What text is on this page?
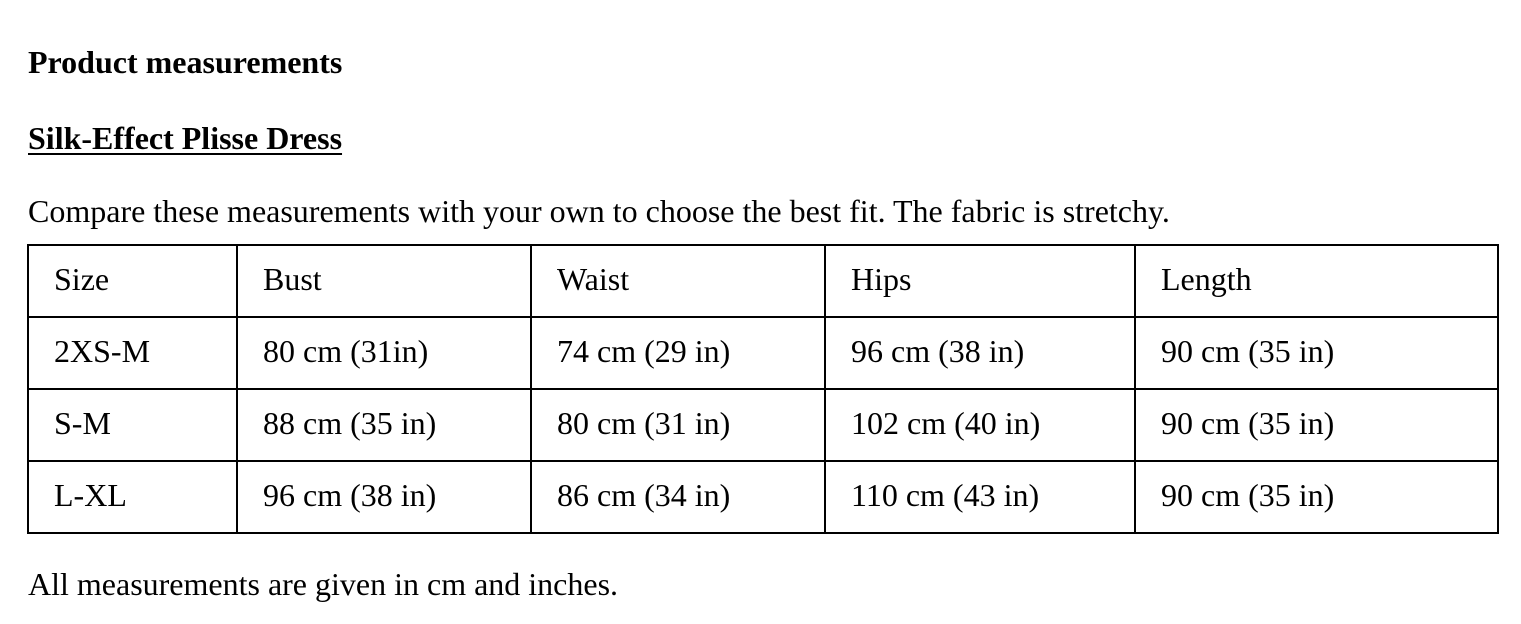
Product measurements
Silk-Effect Plisse Dress
Compare these measurements with your own to choose the best fit. The fabric is stretchy.
Size	Bust	Waist	Hips	Length
2XS-M	80 cm (31in)	74 cm (29 in)	96 cm (38 in)	90 cm (35 in)
S-M	88 cm (35 in)	80 cm (31 in)	102 cm (40 in)	90 cm (35 in)
L-XL	96 cm (38 in)	86 cm (34 in)	110 cm (43 in)	90 cm (35 in)
All measurements are given in cm and inches.
